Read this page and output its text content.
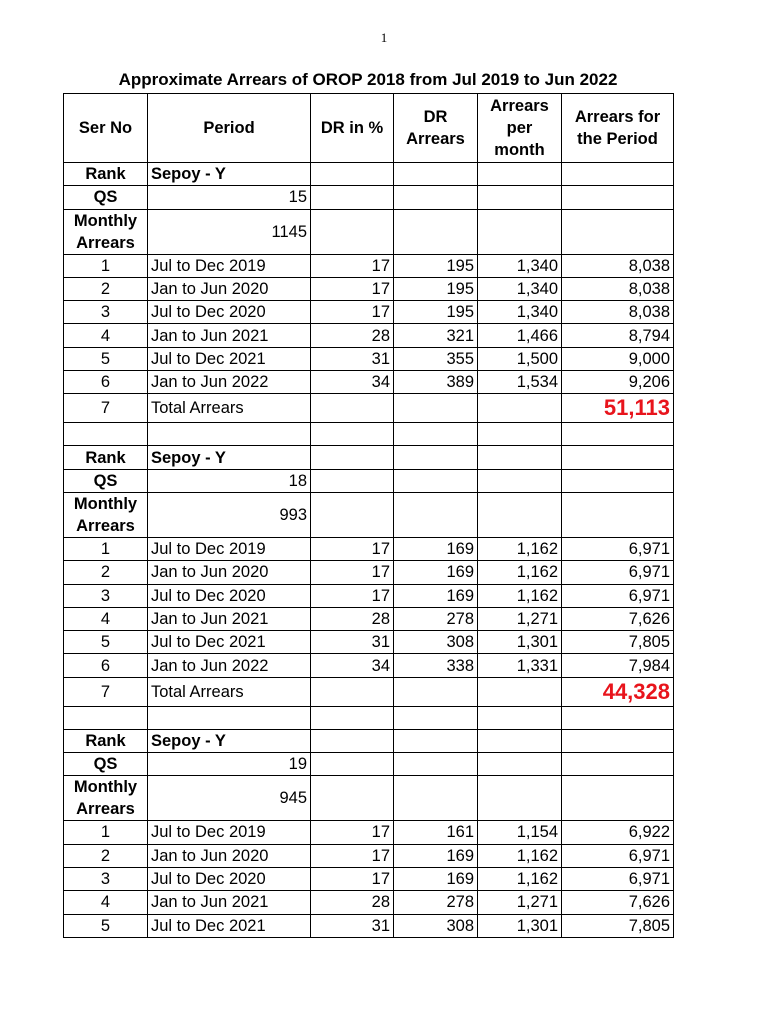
1
Approximate Arrears of OROP 2018 from Jul 2019 to Jun 2022
Ser No	Period	DR in %	DR Arrears	Arrears per month	Arrears for the Period
Rank	Sepoy - Y				
QS	15				
Monthly Arrears	1145				
1	Jul to Dec 2019	17	195	1,340	8,038
2	Jan to Jun 2020	17	195	1,340	8,038
3	Jul to Dec 2020	17	195	1,340	8,038
4	Jan to Jun 2021	28	321	1,466	8,794
5	Jul to Dec 2021	31	355	1,500	9,000
6	Jan to Jun 2022	34	389	1,534	9,206
7	Total Arrears				51,113

Rank	Sepoy - Y				
QS	18				
Monthly Arrears	993				
1	Jul to Dec 2019	17	169	1,162	6,971
2	Jan to Jun 2020	17	169	1,162	6,971
3	Jul to Dec 2020	17	169	1,162	6,971
4	Jan to Jun 2021	28	278	1,271	7,626
5	Jul to Dec 2021	31	308	1,301	7,805
6	Jan to Jun 2022	34	338	1,331	7,984
7	Total Arrears				44,328

Rank	Sepoy - Y				
QS	19				
Monthly Arrears	945				
1	Jul to Dec 2019	17	161	1,154	6,922
2	Jan to Jun 2020	17	169	1,162	6,971
3	Jul to Dec 2020	17	169	1,162	6,971
4	Jan to Jun 2021	28	278	1,271	7,626
5	Jul to Dec 2021	31	308	1,301	7,805
